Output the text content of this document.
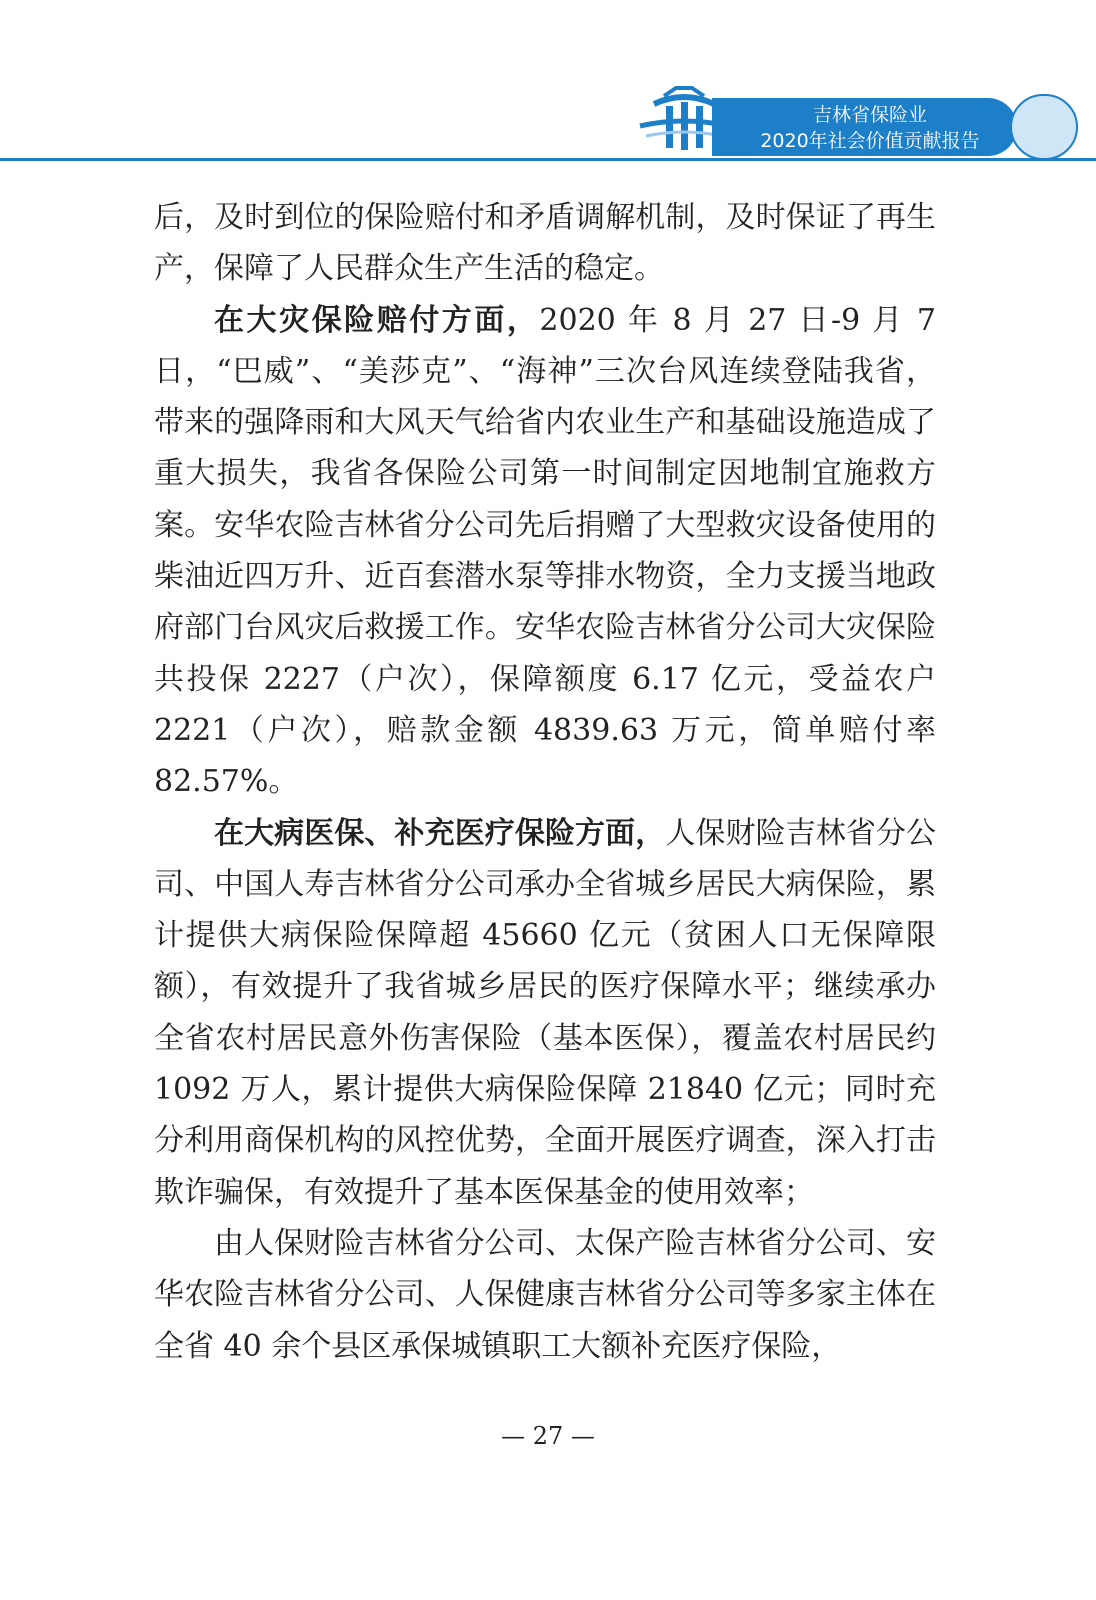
吉林省保险业
2020年社会价值贡献报告

后，及时到位的保险赔付和矛盾调解机制，及时保证了再生产，保障了人民群众生产生活的稳定。

在大灾保险赔付方面，2020 年 8 月 27 日-9 月 7 日，“巴威”、“美莎克”、“海神”三次台风连续登陆我省，带来的强降雨和大风天气给省内农业生产和基础设施造成了重大损失，我省各保险公司第一时间制定因地制宜施救方案。安华农险吉林省分公司先后捐赠了大型救灾设备使用的柴油近四万升、近百套潜水泵等排水物资，全力支援当地政府部门台风灾后救援工作。安华农险吉林省分公司大灾保险共投保 2227（户次），保障额度 6.17 亿元，受益农户 2221（户次），赔款金额 4839.63 万元，简单赔付率 82.57%。

在大病医保、补充医疗保险方面，人保财险吉林省分公司、中国人寿吉林省分公司承办全省城乡居民大病保险，累计提供大病保险保障超 45660 亿元（贫困人口无保障限额），有效提升了我省城乡居民的医疗保障水平；继续承办全省农村居民意外伤害保险（基本医保），覆盖农村居民约 1092 万人，累计提供大病保险保障 21840 亿元；同时充分利用商保机构的风控优势，全面开展医疗调查，深入打击欺诈骗保，有效提升了基本医保基金的使用效率；

由人保财险吉林省分公司、太保产险吉林省分公司、安华农险吉林省分公司、人保健康吉林省分公司等多家主体在全省 40 余个县区承保城镇职工大额补充医疗保险，

— 27 —
